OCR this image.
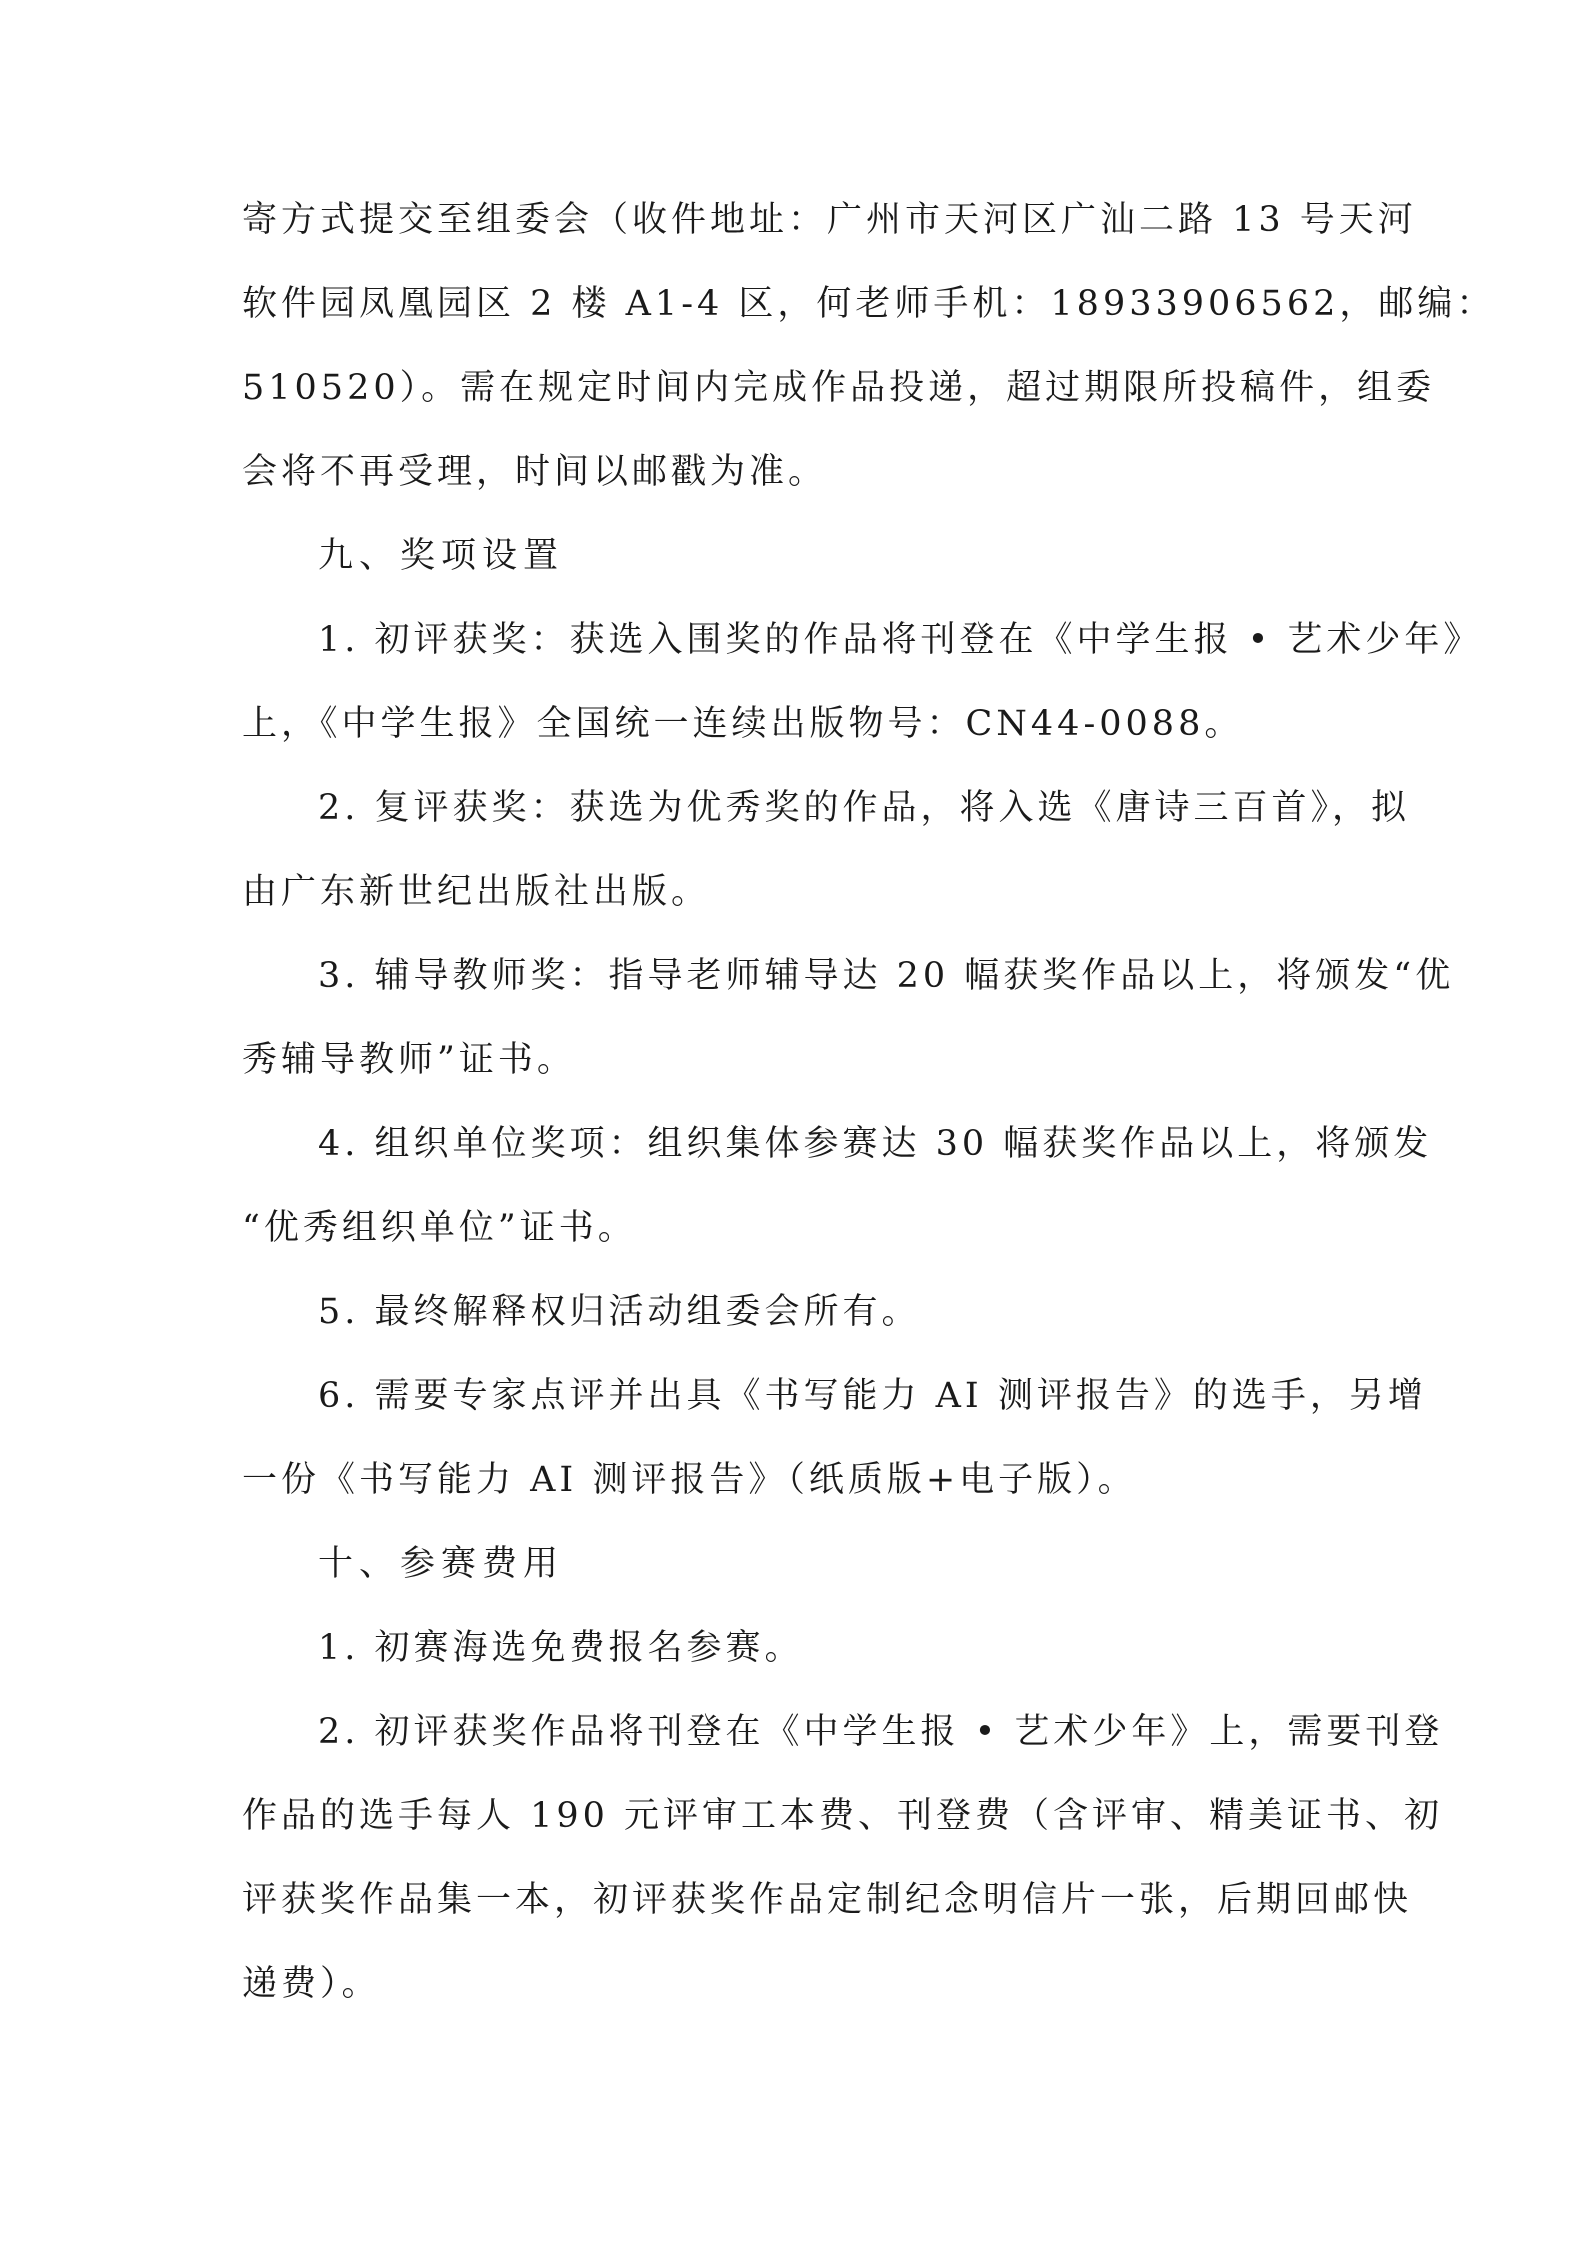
寄方式提交至组委会（收件地址：广州市天河区广汕二路 13 号天河
软件园凤凰园区 2 楼 A1-4 区，何老师手机：18933906562，邮编：
510520）。需在规定时间内完成作品投递，超过期限所投稿件，组委
会将不再受理，时间以邮戳为准。
九、奖项设置
1. 初评获奖：获选入围奖的作品将刊登在《中学生报 • 艺术少年》
上，《中学生报》全国统一连续出版物号：CN44-0088。
2. 复评获奖：获选为优秀奖的作品，将入选《唐诗三百首》，拟
由广东新世纪出版社出版。
3. 辅导教师奖：指导老师辅导达 20 幅获奖作品以上，将颁发“优
秀辅导教师”证书。
4. 组织单位奖项：组织集体参赛达 30 幅获奖作品以上，将颁发
“优秀组织单位”证书。
5. 最终解释权归活动组委会所有。
6. 需要专家点评并出具《书写能力 AI 测评报告》的选手，另增
一份《书写能力 AI 测评报告》（纸质版+电子版）。
十、参赛费用
1. 初赛海选免费报名参赛。
2. 初评获奖作品将刊登在《中学生报 • 艺术少年》上，需要刊登
作品的选手每人 190 元评审工本费、刊登费（含评审、精美证书、初
评获奖作品集一本，初评获奖作品定制纪念明信片一张，后期回邮快
递费）。
